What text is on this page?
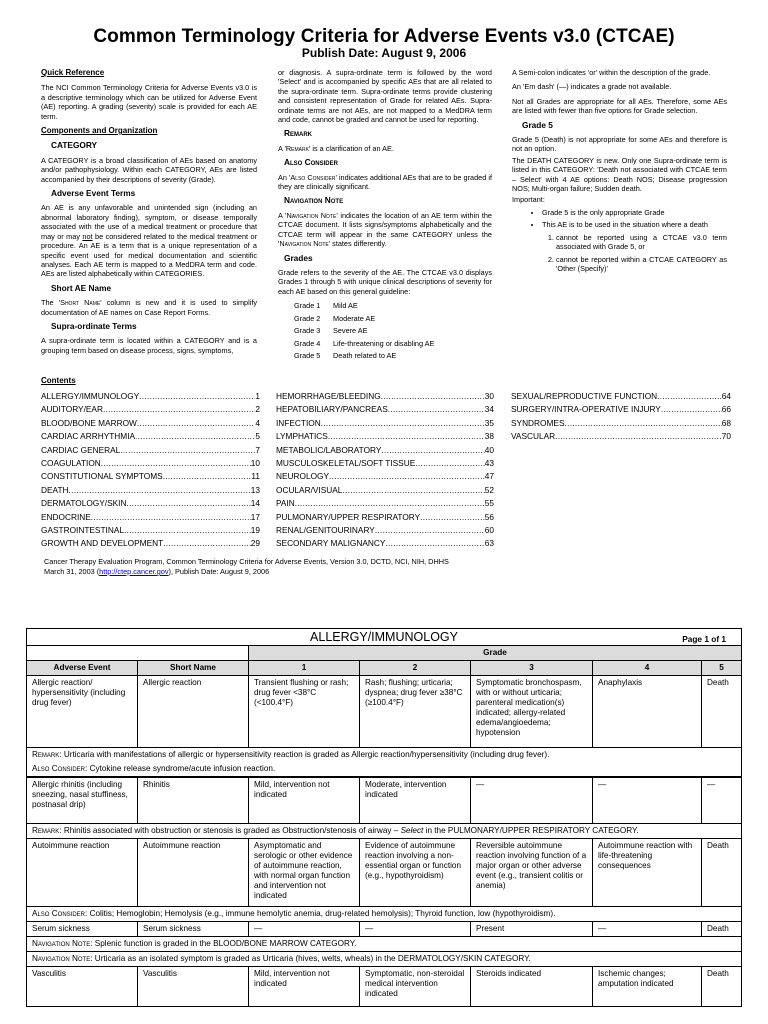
Common Terminology Criteria for Adverse Events v3.0 (CTCAE)
Publish Date: August 9, 2006
Quick Reference

The NCI Common Terminology Criteria for Adverse Events v3.0 is a descriptive terminology which can be utilized for Adverse Event (AE) reporting. A grading (severity) scale is provided for each AE term.

Components and Organization
CATEGORY

A CATEGORY is a broad classification of AEs based on anatomy and/or pathophysiology. Within each CATEGORY, AEs are listed accompanied by their descriptions of severity (Grade).

Adverse Event Terms

An AE is any unfavorable and unintended sign (including an abnormal laboratory finding), symptom, or disease temporally associated with the use of a medical treatment or procedure that may or may not be considered related to the medical treatment or procedure. An AE is a term that is a unique representation of a specific event used for medical documentation and scientific analyses. Each AE term is mapped to a MedDRA term and code. AEs are listed alphabetically within CATEGORIES.

Short AE Name

The 'Short Name' column is new and it is used to simplify documentation of AE names on Case Report Forms.

Supra-ordinate Terms

A supra-ordinate term is located within a CATEGORY and is a grouping term based on disease process, signs, symptoms,

or diagnosis. A supra-ordinate term is followed by the word 'Select' and is accompanied by specific AEs that are all related to the supra-ordinate term. Supra-ordinate terms provide clustering and consistent representation of Grade for related AEs. Supra-ordinate terms are not AEs, are not mapped to a MedDRA term and code, cannot be graded and cannot be used for reporting.

Remark

A 'Remark' is a clarification of an AE.

Also Consider

An 'Also Consider' indicates additional AEs that are to be graded if they are clinically significant.

Navigation Note

A 'Navigation Note' indicates the location of an AE term within the CTCAE document. It lists signs/symptoms alphabetically and the CTCAE term will appear in the same CATEGORY unless the 'Navigation Note' states differently.

Grades

Grade refers to the severity of the AE. The CTCAE v3.0 displays Grades 1 through 5 with unique clinical descriptions of severity for each AE based on this general guideline:

Grade 1	Mild AE
Grade 2	Moderate AE
Grade 3	Severe AE
Grade 4	Life-threatening or disabling AE
Grade 5	Death related to AE

A Semi-colon indicates 'or' within the description of the grade.

An 'Em dash' (—) indicates a grade not available.

Not all Grades are appropriate for all AEs. Therefore, some AEs are listed with fewer than five options for Grade selection.

Grade 5

Grade 5 (Death) is not appropriate for some AEs and therefore is not an option.

The DEATH CATEGORY is new. Only one Supra-ordinate term is listed in this CATEGORY: 'Death not associated with CTCAE term – Select' with 4 AE options: Death NOS; Disease progression NOS; Multi-organ failure; Sudden death.

Important:
• Grade 5 is the only appropriate Grade
• This AE is to be used in the situation where a death
1. cannot be reported using a CTCAE v3.0 term associated with Grade 5, or
2. cannot be reported within a CTCAE CATEGORY as 'Other (Specify)'
Contents
ALLERGY/IMMUNOLOGY .....	1
AUDITORY/EAR .....	2
BLOOD/BONE MARROW .....	4
CARDIAC ARRHYTHMIA .....	5
CARDIAC GENERAL .....	7
COAGULATION .....	10
CONSTITUTIONAL SYMPTOMS .....	11
DEATH .....	13
DERMATOLOGY/SKIN .....	14
ENDOCRINE .....	17
GASTROINTESTINAL .....	19
GROWTH AND DEVELOPMENT .....	29
HEMORRHAGE/BLEEDING .....	30
HEPATOBILIARY/PANCREAS .....	34
INFECTION .....	35
LYMPHATICS .....	38
METABOLIC/LABORATORY .....	40
MUSCULOSKELETAL/SOFT TISSUE .....	43
NEUROLOGY .....	47
OCULAR/VISUAL .....	52
PAIN .....	55
PULMONARY/UPPER RESPIRATORY .....	56
RENAL/GENITOURINARY .....	60
SECONDARY MALIGNANCY .....	63
SEXUAL/REPRODUCTIVE FUNCTION .....	64
SURGERY/INTRA-OPERATIVE INJURY .....	66
SYNDROMES .....	68
VASCULAR .....	70
Cancer Therapy Evaluation Program, Common Terminology Criteria for Adverse Events, Version 3.0, DCTD, NCI, NIH, DHHS
March 31, 2003 (http://ctep.cancer.gov), Publish Date: August 9, 2006
ALLERGY/IMMUNOLOGY Page 1 of 1						

		Grade				
Adverse Event	Short Name	1	2	3	4	5
Allergic reaction/ hypersensitivity (including drug fever)	Allergic reaction	Transient flushing or rash; drug fever <38°C (<100.4°F)	Rash; flushing; urticaria; dyspnea; drug fever ≥38°C (≥100.4°F)	Symptomatic bronchospasm, with or without urticaria; parenteral medication(s) indicated; allergy-related edema/angioedema; hypotension	Anaphylaxis	Death
Remark: Urticaria with manifestations of allergic or hypersensitivity reaction is graded as Allergic reaction/hypersensitivity (including drug fever).						
Also Consider: Cytokine release syndrome/acute infusion reaction.						
Allergic rhinitis (including sneezing, nasal stuffiness, postnasal drip)	Rhinitis	Mild, intervention not indicated	Moderate, intervention indicated	—	—	—
Remark: Rhinitis associated with obstruction or stenosis is graded as Obstruction/stenosis of airway – Select in the PULMONARY/UPPER RESPIRATORY CATEGORY.						
Autoimmune reaction	Autoimmune reaction	Asymptomatic and serologic or other evidence of autoimmune reaction, with normal organ function and intervention not indicated	Evidence of autoimmune reaction involving a non-essential organ or function (e.g., hypothyroidism)	Reversible autoimmune reaction involving function of a major organ or other adverse event (e.g., transient colitis or anemia)	Autoimmune reaction with life-threatening consequences	Death
Also Consider: Colitis; Hemoglobin; Hemolysis (e.g., immune hemolytic anemia, drug-related hemolysis); Thyroid function, low (hypothyroidism).						
Serum sickness	Serum sickness	—	—	Present	—	Death
Navigation Note: Splenic function is graded in the BLOOD/BONE MARROW CATEGORY.						
Navigation Note: Urticaria as an isolated symptom is graded as Urticaria (hives, welts, wheals) in the DERMATOLOGY/SKIN CATEGORY.						
Vasculitis	Vasculitis	Mild, intervention not indicated	Symptomatic, non-steroidal medical intervention indicated	Steroids indicated	Ischemic changes; amputation indicated	Death
